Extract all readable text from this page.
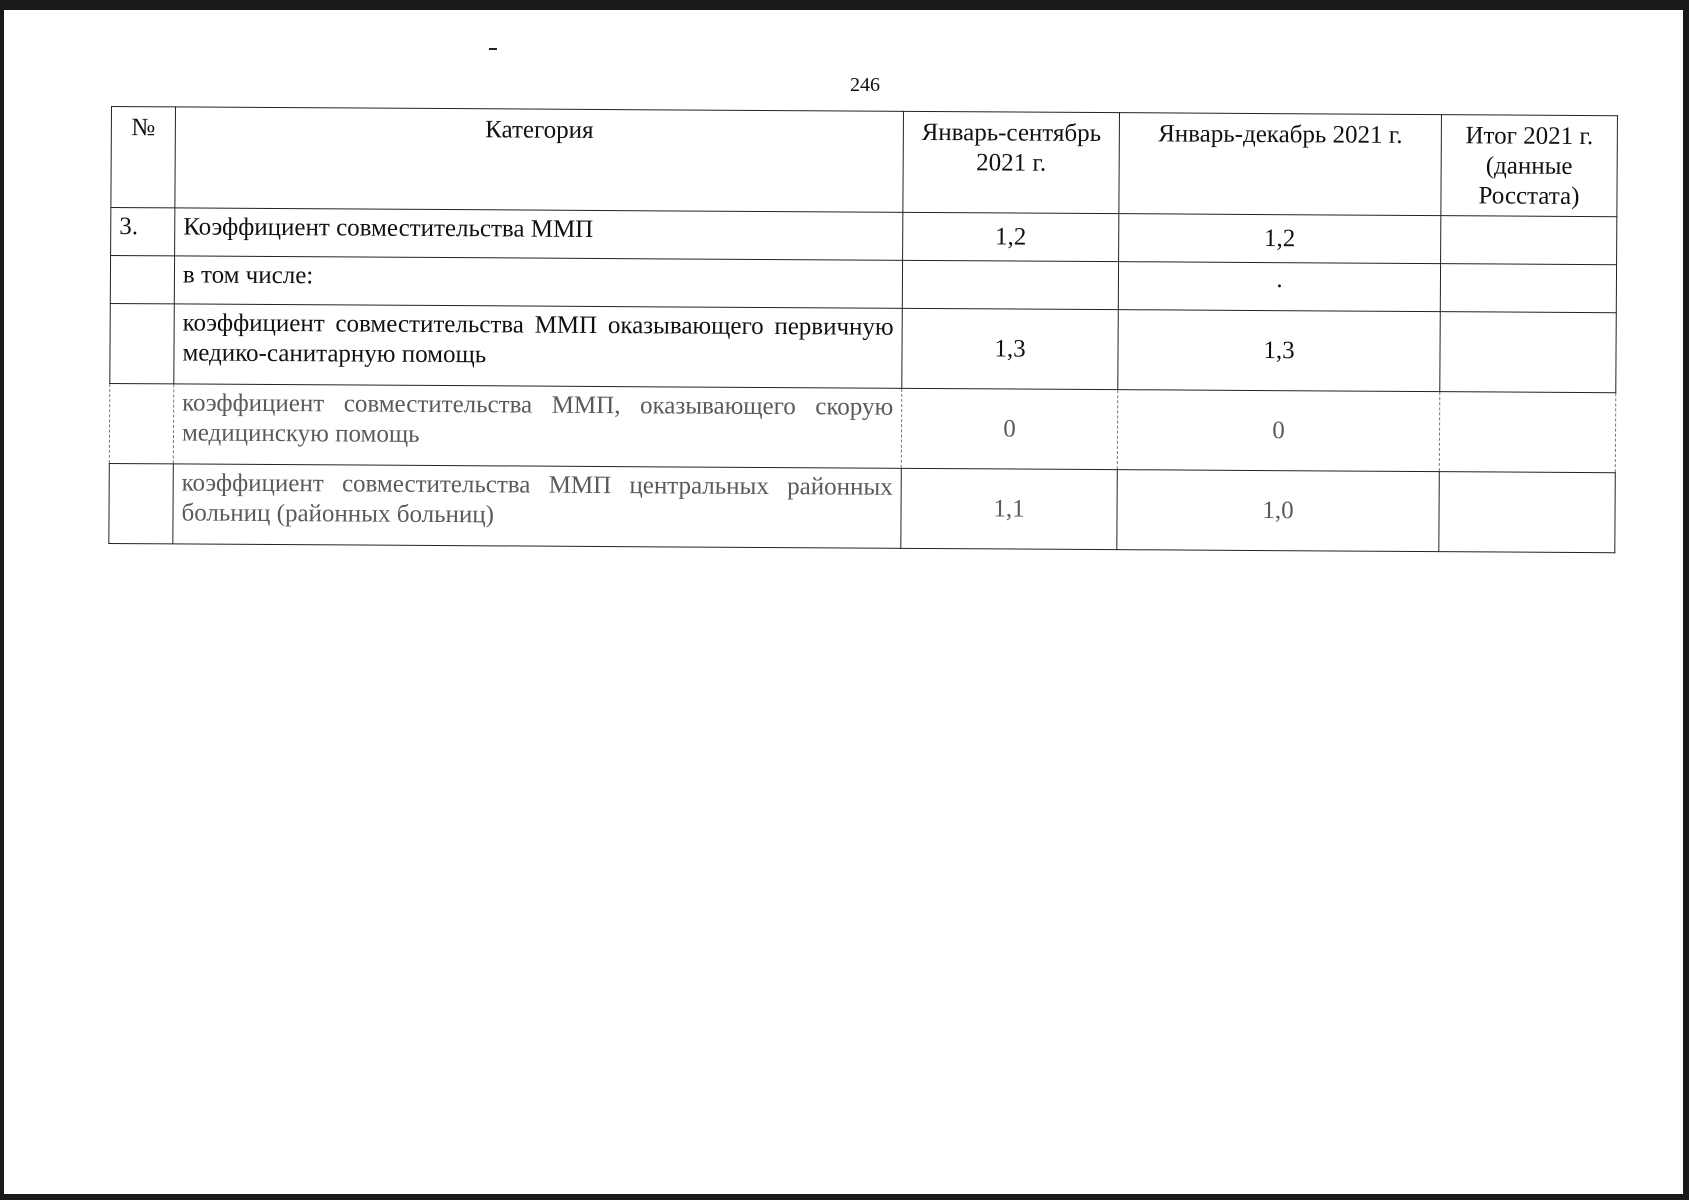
246
№	Категория	Январь-сентябрь 2021 г.	Январь-декабрь 2021 г.	Итог 2021 г. (данные Росстата)
3.	Коэффициент совместительства ММП	1,2	1,2	
	в том числе:		·	
	коэффициент совместительства ММП оказывающего первичную медико-санитарную помощь	1,3	1,3	
	коэффициент совместительства ММП, оказывающего скорую медицинскую помощь	0	0	
	коэффициент совместительства ММП центральных районных больниц (районных больниц)	1,1	1,0	
